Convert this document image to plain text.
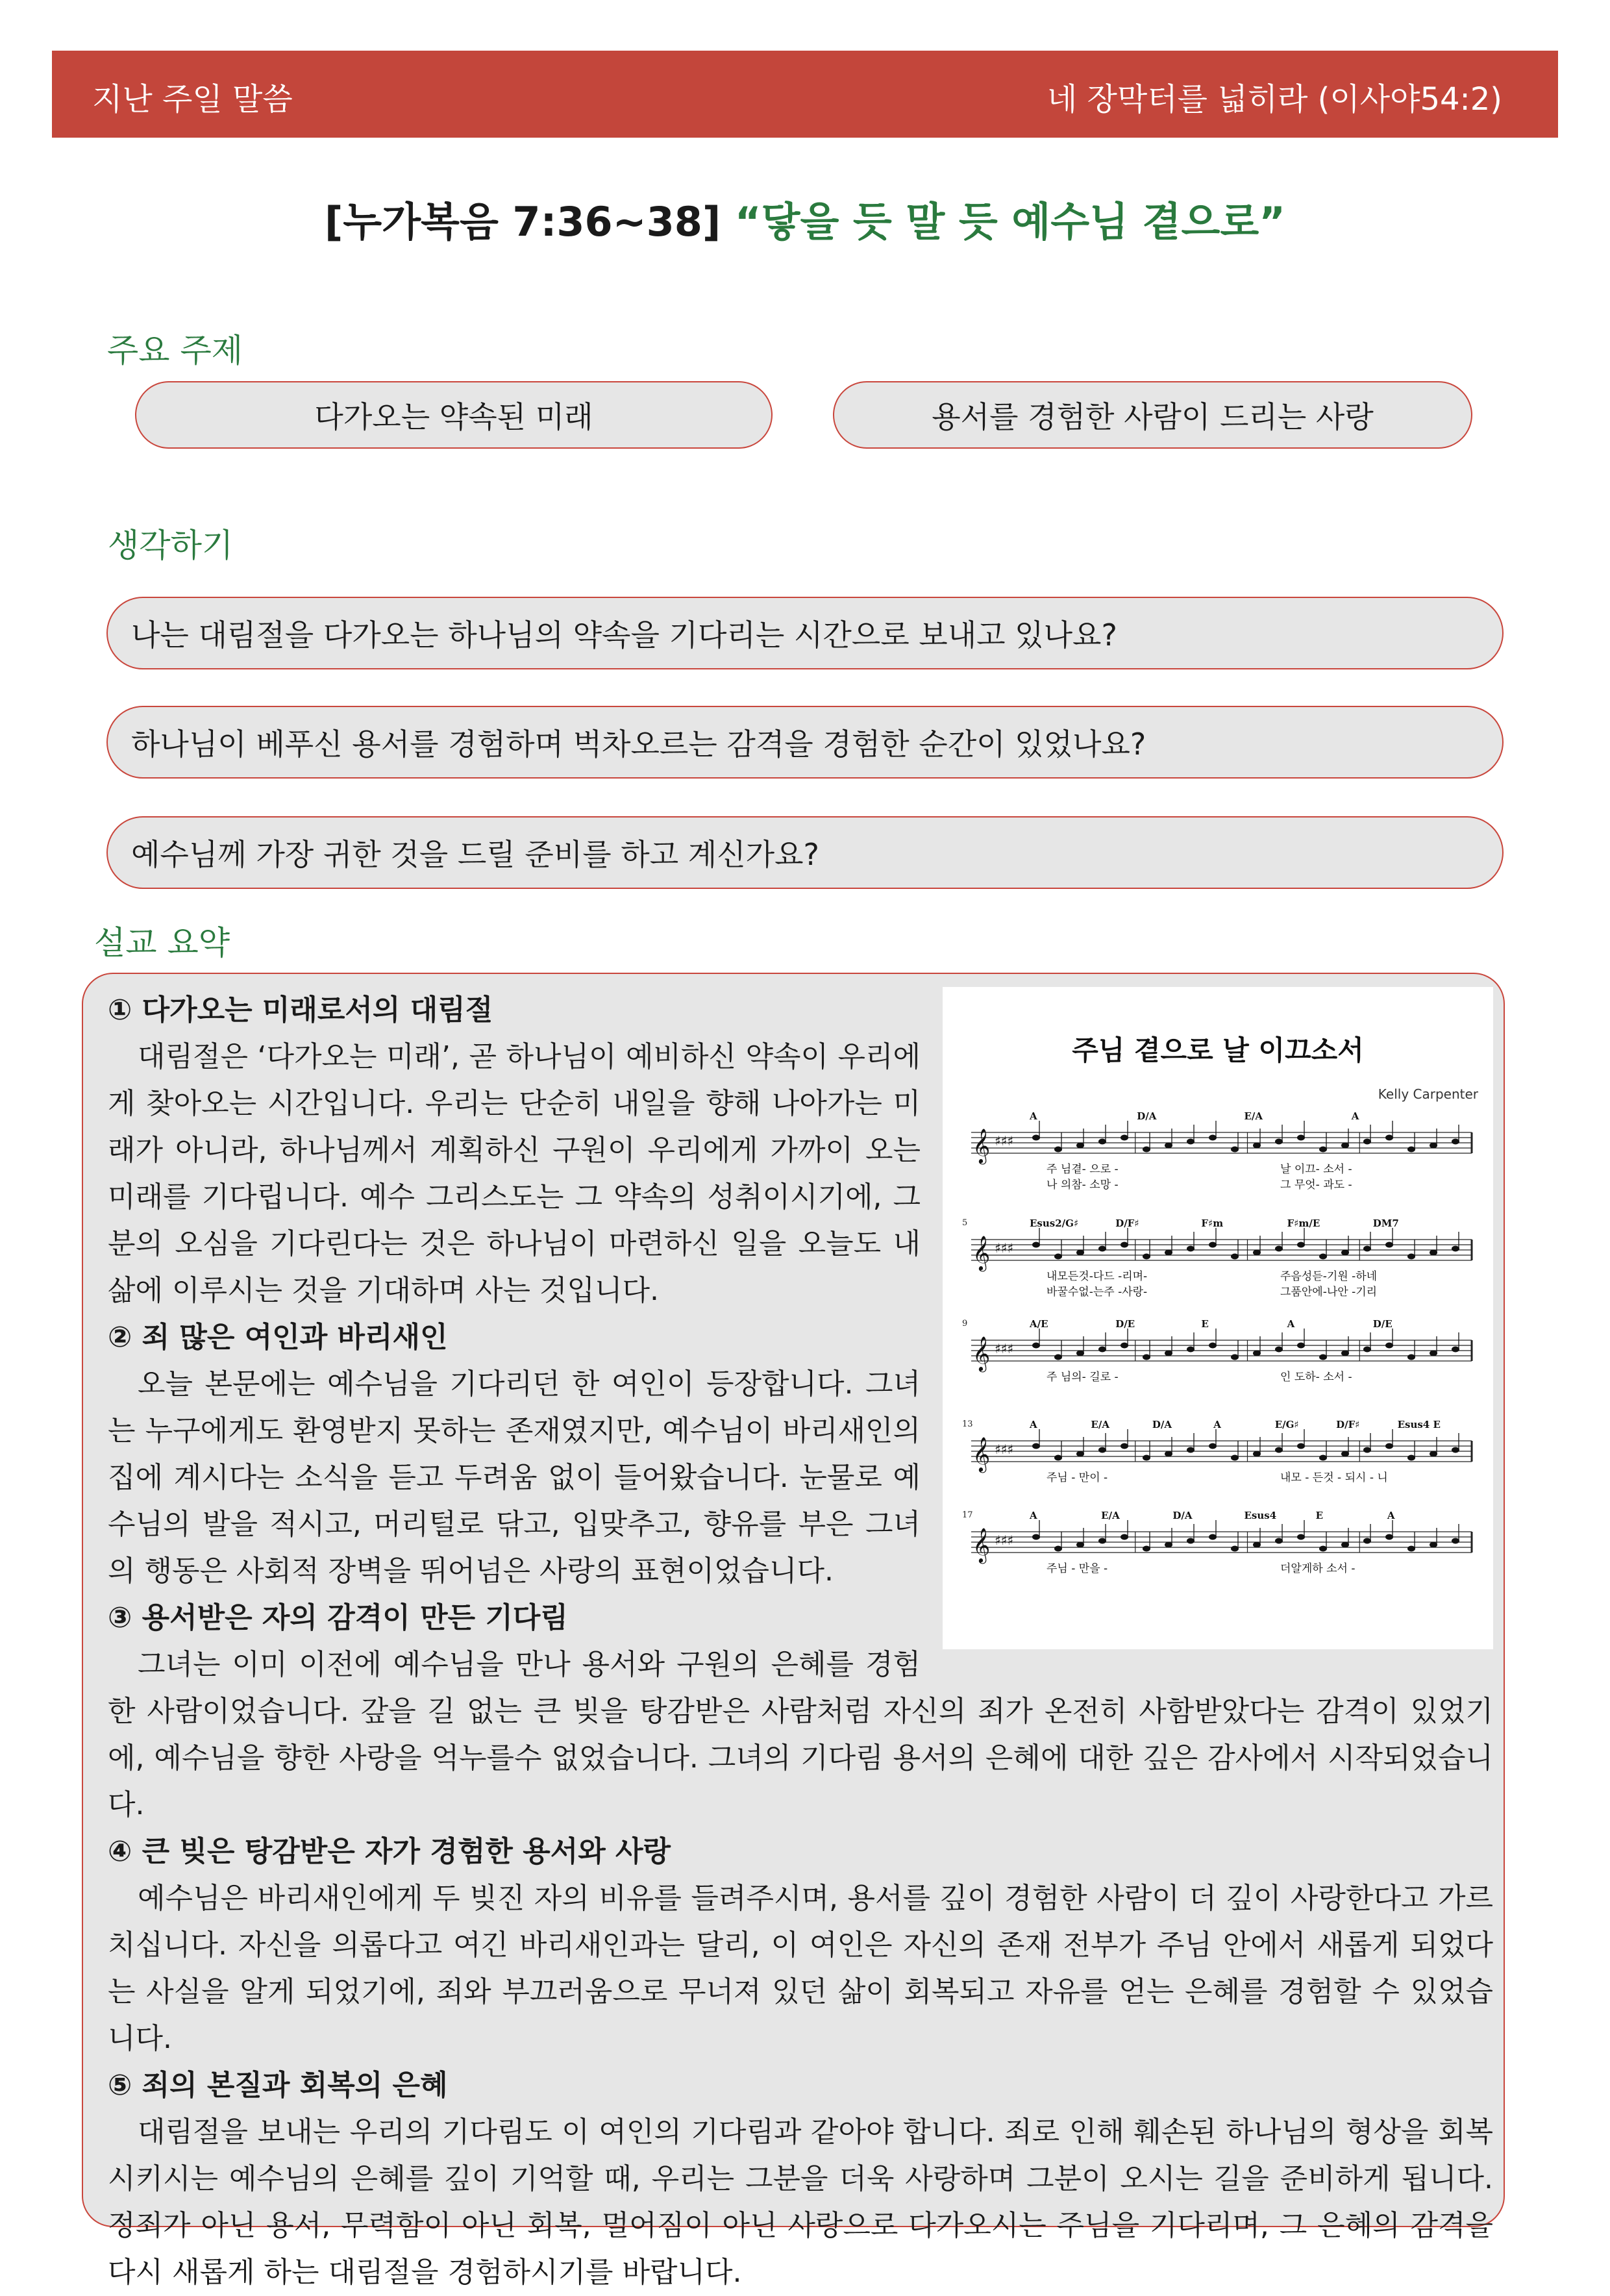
지난 주일 말씀	네 장막터를 넓히라 (이사야54:2)
[누가복음 7:36~38] “닿을 듯 말 듯 예수님 곁으로”
주요 주제
다가오는 약속된 미래	용서를 경험한 사람이 드리는 사랑
생각하기
나는 대림절을 다가오는 하나님의 약속을 기다리는 시간으로 보내고 있나요?
하나님이 베푸신 용서를 경험하며 벅차오르는 감격을 경험한 순간이 있었나요?
예수님께 가장 귀한 것을 드릴 준비를 하고 계신가요?
설교 요약
주님 곁으로 날 이끄소서
Kelly Carpenter
𝄞 ♯♯♯
A	D/A	E/A	A
주 님곁- 으로 -	날 이끄- 소서 -
나 의참- 소망 -	그 무엇- 과도 -
5
𝄞 ♯♯♯
Esus2/G♯	D/F♯	F♯m	F♯m/E	DM7
내모든것-다드 -리며-	주음성듣-기원 -하네
바꿀수없-는주 -사랑-	그품안에-나안 -기리
9
𝄞 ♯♯♯
A/E	D/E	E	A	D/E
주 님의- 길로 -	인 도하- 소서 -
13
𝄞 ♯♯♯
A	E/A	D/A	A	E/G♯	D/F♯	Esus4 E
주님 - 만이 -	내모 - 든것 - 되시 - 니
17
𝄞 ♯♯♯
A	E/A	D/A	Esus4	E	A
주님 - 만을 -	더알게하 소서 -

① 다가오는 미래로서의 대림절

대림절은 ‘다가오는 미래’, 곧 하나님이 예비하신 약속이 우리에게 찾아오는 시간입니다. 우리는 단순히 내일을 향해 나아가는 미래가 아니라, 하나님께서 계획하신 구원이 우리에게 가까이 오는 미래를 기다립니다. 예수 그리스도는 그 약속의 성취이시기에, 그분의 오심을 기다린다는 것은 하나님이 마련하신 일을 오늘도 내 삶에 이루시는 것을 기대하며 사는 것입니다.

② 죄 많은 여인과 바리새인

오늘 본문에는 예수님을 기다리던 한 여인이 등장합니다. 그녀는 누구에게도 환영받지 못하는 존재였지만, 예수님이 바리새인의 집에 계시다는 소식을 듣고 두려움 없이 들어왔습니다. 눈물로 예수님의 발을 적시고, 머리털로 닦고, 입맞추고, 향유를 부은 그녀의 행동은 사회적 장벽을 뛰어넘은 사랑의 표현이었습니다.

③ 용서받은 자의 감격이 만든 기다림

그녀는 이미 이전에 예수님을 만나 용서와 구원의 은혜를 경험한 사람이었습니다. 갚을 길 없는 큰 빚을 탕감받은 사람처럼 자신의 죄가 온전히 사함받았다는 감격이 있었기에, 예수님을 향한 사랑을 억누를수 없었습니다. 그녀의 기다림 용서의 은혜에 대한 깊은 감사에서 시작되었습니다.

④ 큰 빚은 탕감받은 자가 경험한 용서와 사랑

예수님은 바리새인에게 두 빚진 자의 비유를 들려주시며, 용서를 깊이 경험한 사람이 더 깊이 사랑한다고 가르치십니다. 자신을 의롭다고 여긴 바리새인과는 달리, 이 여인은 자신의 존재 전부가 주님 안에서 새롭게 되었다는 사실을 알게 되었기에, 죄와 부끄러움으로 무너져 있던 삶이 회복되고 자유를 얻는 은혜를 경험할 수 있었습니다.

⑤ 죄의 본질과 회복의 은혜

대림절을 보내는 우리의 기다림도 이 여인의 기다림과 같아야 합니다. 죄로 인해 훼손된 하나님의 형상을 회복시키시는 예수님의 은혜를 깊이 기억할 때, 우리는 그분을 더욱 사랑하며 그분이 오시는 길을 준비하게 됩니다. 정죄가 아닌 용서, 무력함이 아닌 회복, 멀어짐이 아닌 사랑으로 다가오시는 주님을 기다리며, 그 은혜의 감격을 다시 새롭게 하는 대림절을 경험하시기를 바랍니다.
